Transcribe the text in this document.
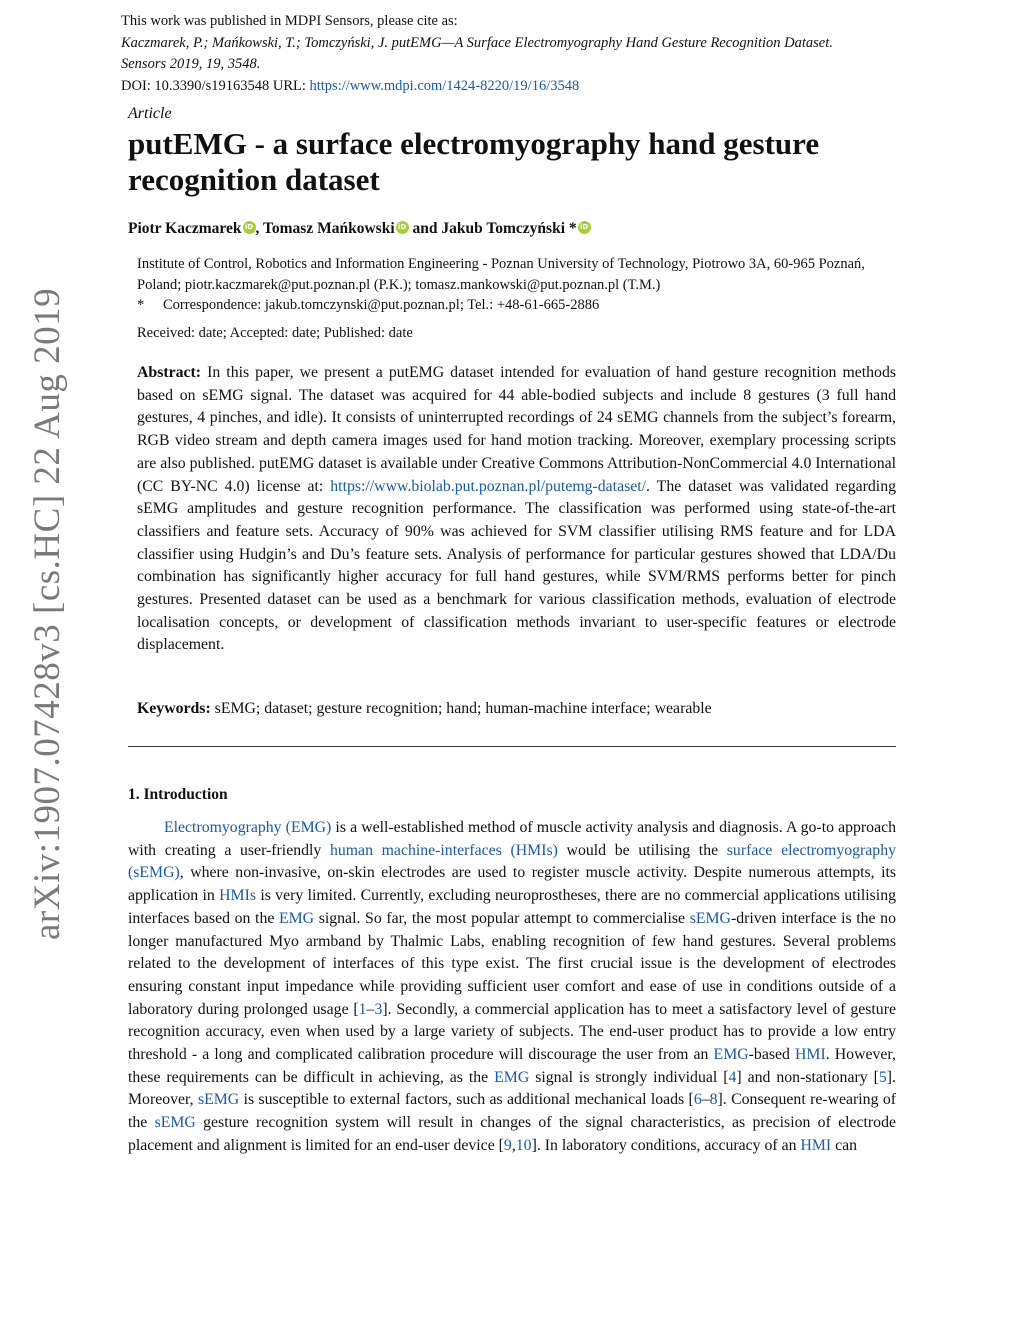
arXiv:1907.07428v3 [cs.HC] 22 Aug 2019
This work was published in MDPI Sensors, please cite as:
Kaczmarek, P.; Mańkowski, T.; Tomczyński, J. putEMG—A Surface Electromyography Hand Gesture Recognition Dataset.
Sensors 2019, 19, 3548.
DOI: 10.3390/s19163548 URL: https://www.mdpi.com/1424-8220/19/16/3548
Article
putEMG - a surface electromyography hand gesture recognition dataset
Piotr Kaczmarek iD , Tomasz Mańkowski iD and Jakub Tomczyński * iD
Institute of Control, Robotics and Information Engineering - Poznan University of Technology, Piotrowo 3A, 60-965 Poznań, Poland; piotr.kaczmarek@put.poznan.pl (P.K.); tomasz.mankowski@put.poznan.pl (T.M.)
* Correspondence: jakub.tomczynski@put.poznan.pl; Tel.: +48-61-665-2886
Received: date; Accepted: date; Published: date
Abstract: In this paper, we present a putEMG dataset intended for evaluation of hand gesture recognition methods based on sEMG signal. The dataset was acquired for 44 able-bodied subjects and include 8 gestures (3 full hand gestures, 4 pinches, and idle). It consists of uninterrupted recordings of 24 sEMG channels from the subject’s forearm, RGB video stream and depth camera images used for hand motion tracking. Moreover, exemplary processing scripts are also published. putEMG dataset is available under Creative Commons Attribution-NonCommercial 4.0 International (CC BY-NC 4.0) license at: https://www.biolab.put.poznan.pl/putemg-dataset/. The dataset was validated regarding sEMG amplitudes and gesture recognition performance. The classification was performed using state-of-the-art classifiers and feature sets. Accuracy of 90% was achieved for SVM classifier utilising RMS feature and for LDA classifier using Hudgin’s and Du’s feature sets. Analysis of performance for particular gestures showed that LDA/Du combination has significantly higher accuracy for full hand gestures, while SVM/RMS performs better for pinch gestures. Presented dataset can be used as a benchmark for various classification methods, evaluation of electrode localisation concepts, or development of classification methods invariant to user-specific features or electrode displacement.
Keywords: sEMG; dataset; gesture recognition; hand; human-machine interface; wearable
1. Introduction
Electromyography (EMG) is a well-established method of muscle activity analysis and diagnosis. A go-to approach with creating a user-friendly human machine-interfaces (HMIs) would be utilising the surface electromyography (sEMG), where non-invasive, on-skin electrodes are used to register muscle activity. Despite numerous attempts, its application in HMIs is very limited. Currently, excluding neuroprostheses, there are no commercial applications utilising interfaces based on the EMG signal. So far, the most popular attempt to commercialise sEMG-driven interface is the no longer manufactured Myo armband by Thalmic Labs, enabling recognition of few hand gestures. Several problems related to the development of interfaces of this type exist. The first crucial issue is the development of electrodes ensuring constant input impedance while providing sufficient user comfort and ease of use in conditions outside of a laboratory during prolonged usage [1–3]. Secondly, a commercial application has to meet a satisfactory level of gesture recognition accuracy, even when used by a large variety of subjects. The end-user product has to provide a low entry threshold - a long and complicated calibration procedure will discourage the user from an EMG-based HMI. However, these requirements can be difficult in achieving, as the EMG signal is strongly individual [4] and non-stationary [5]. Moreover, sEMG is susceptible to external factors, such as additional mechanical loads [6–8]. Consequent re-wearing of the sEMG gesture recognition system will result in changes of the signal characteristics, as precision of electrode placement and alignment is limited for an end-user device [9,10]. In laboratory conditions, accuracy of an HMI can
